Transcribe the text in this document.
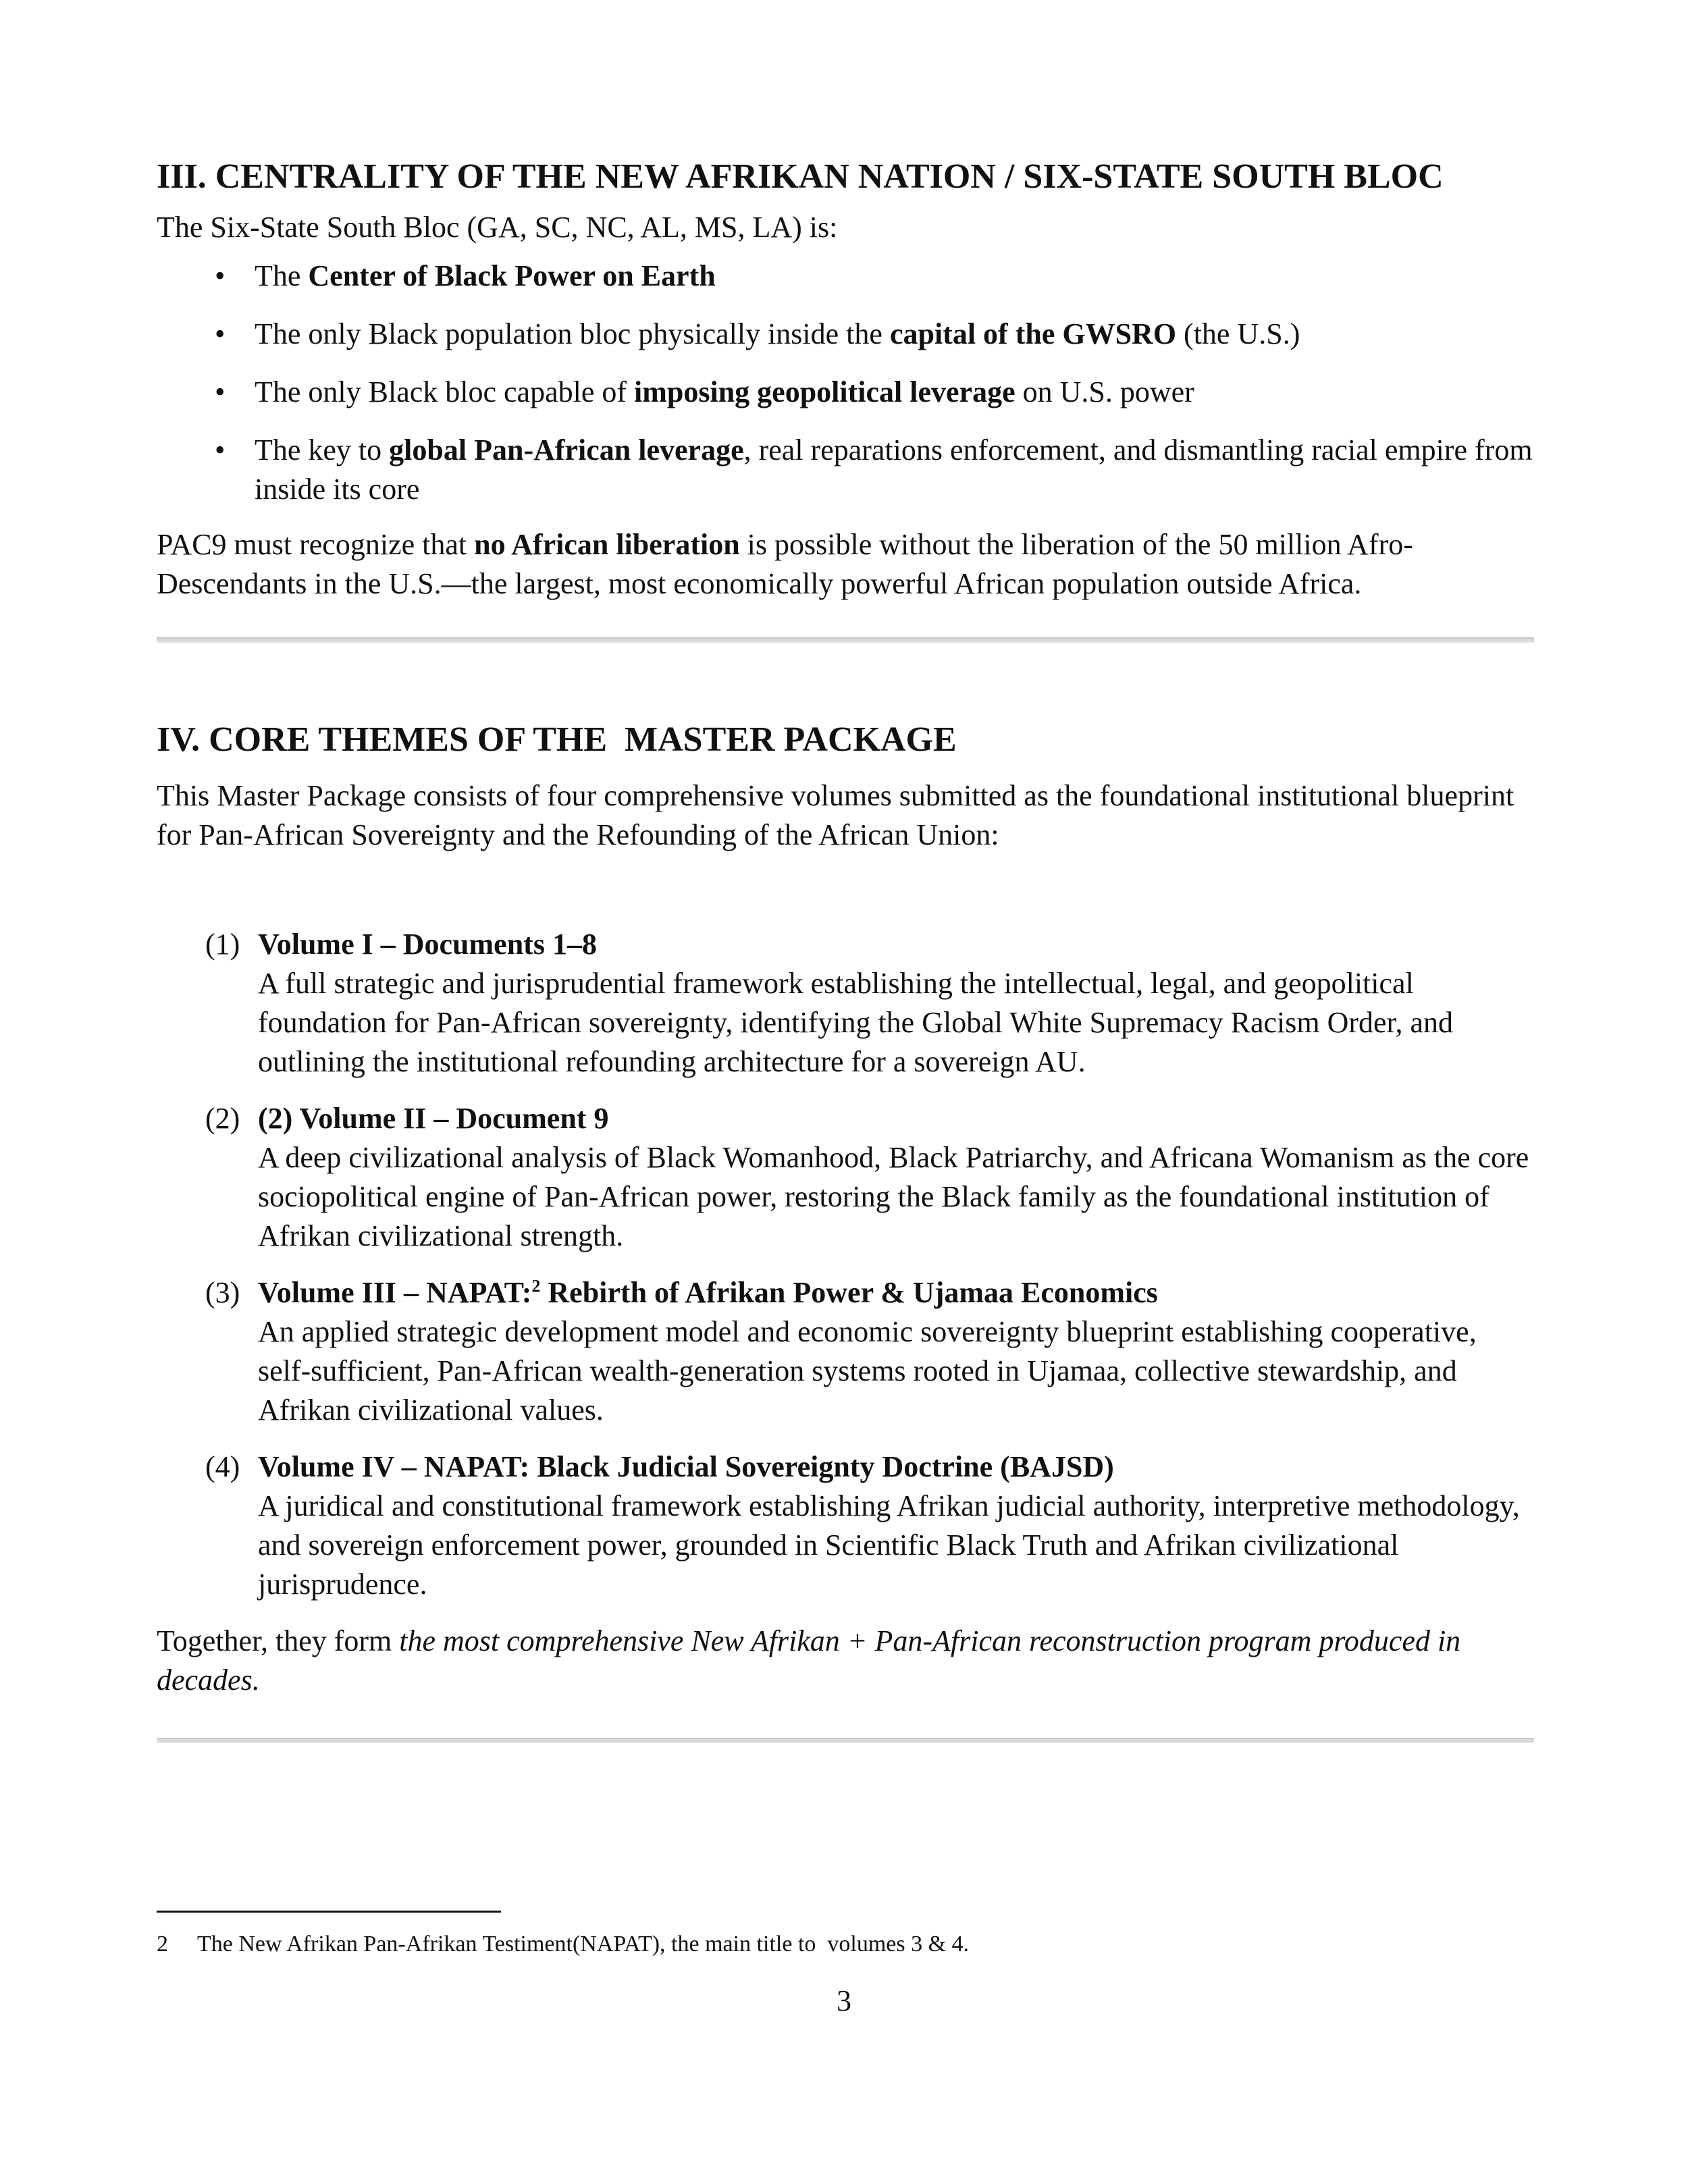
III. CENTRALITY OF THE NEW AFRIKAN NATION / SIX-STATE SOUTH BLOC

The Six-State South Bloc (GA, SC, NC, AL, MS, LA) is:

• The Center of Black Power on Earth
• The only Black population bloc physically inside the capital of the GWSRO (the U.S.)
• The only Black bloc capable of imposing geopolitical leverage on U.S. power
• The key to global Pan-African leverage, real reparations enforcement, and dismantling racial empire from inside its core

PAC9 must recognize that no African liberation is possible without the liberation of the 50 million Afro-Descendants in the U.S.—the largest, most economically powerful African population outside Africa.

IV. CORE THEMES OF THE  MASTER PACKAGE

This Master Package consists of four comprehensive volumes submitted as the foundational institutional blueprint for Pan-African Sovereignty and the Refounding of the African Union:

(1) Volume I – Documents 1–8
A full strategic and jurisprudential framework establishing the intellectual, legal, and geopolitical foundation for Pan-African sovereignty, identifying the Global White Supremacy Racism Order, and outlining the institutional refounding architecture for a sovereign AU.
(2) (2) Volume II – Document 9
A deep civilizational analysis of Black Womanhood, Black Patriarchy, and Africana Womanism as the core sociopolitical engine of Pan-African power, restoring the Black family as the foundational institution of Afrikan civilizational strength.
(3) Volume III – NAPAT:$^2$ Rebirth of Afrikan Power & Ujamaa Economics
An applied strategic development model and economic sovereignty blueprint establishing cooperative, self-sufficient, Pan-African wealth-generation systems rooted in Ujamaa, collective stewardship, and Afrikan civilizational values.
(4) Volume IV – NAPAT: Black Judicial Sovereignty Doctrine (BAJSD)
A juridical and constitutional framework establishing Afrikan judicial authority, interpretive methodology, and sovereign enforcement power, grounded in Scientific Black Truth and Afrikan civilizational jurisprudence.

Together, they form the most comprehensive New Afrikan + Pan-African reconstruction program produced in decades.

2 The New Afrikan Pan-Afrikan Testiment(NAPAT), the main title to  volumes 3 & 4.
3
